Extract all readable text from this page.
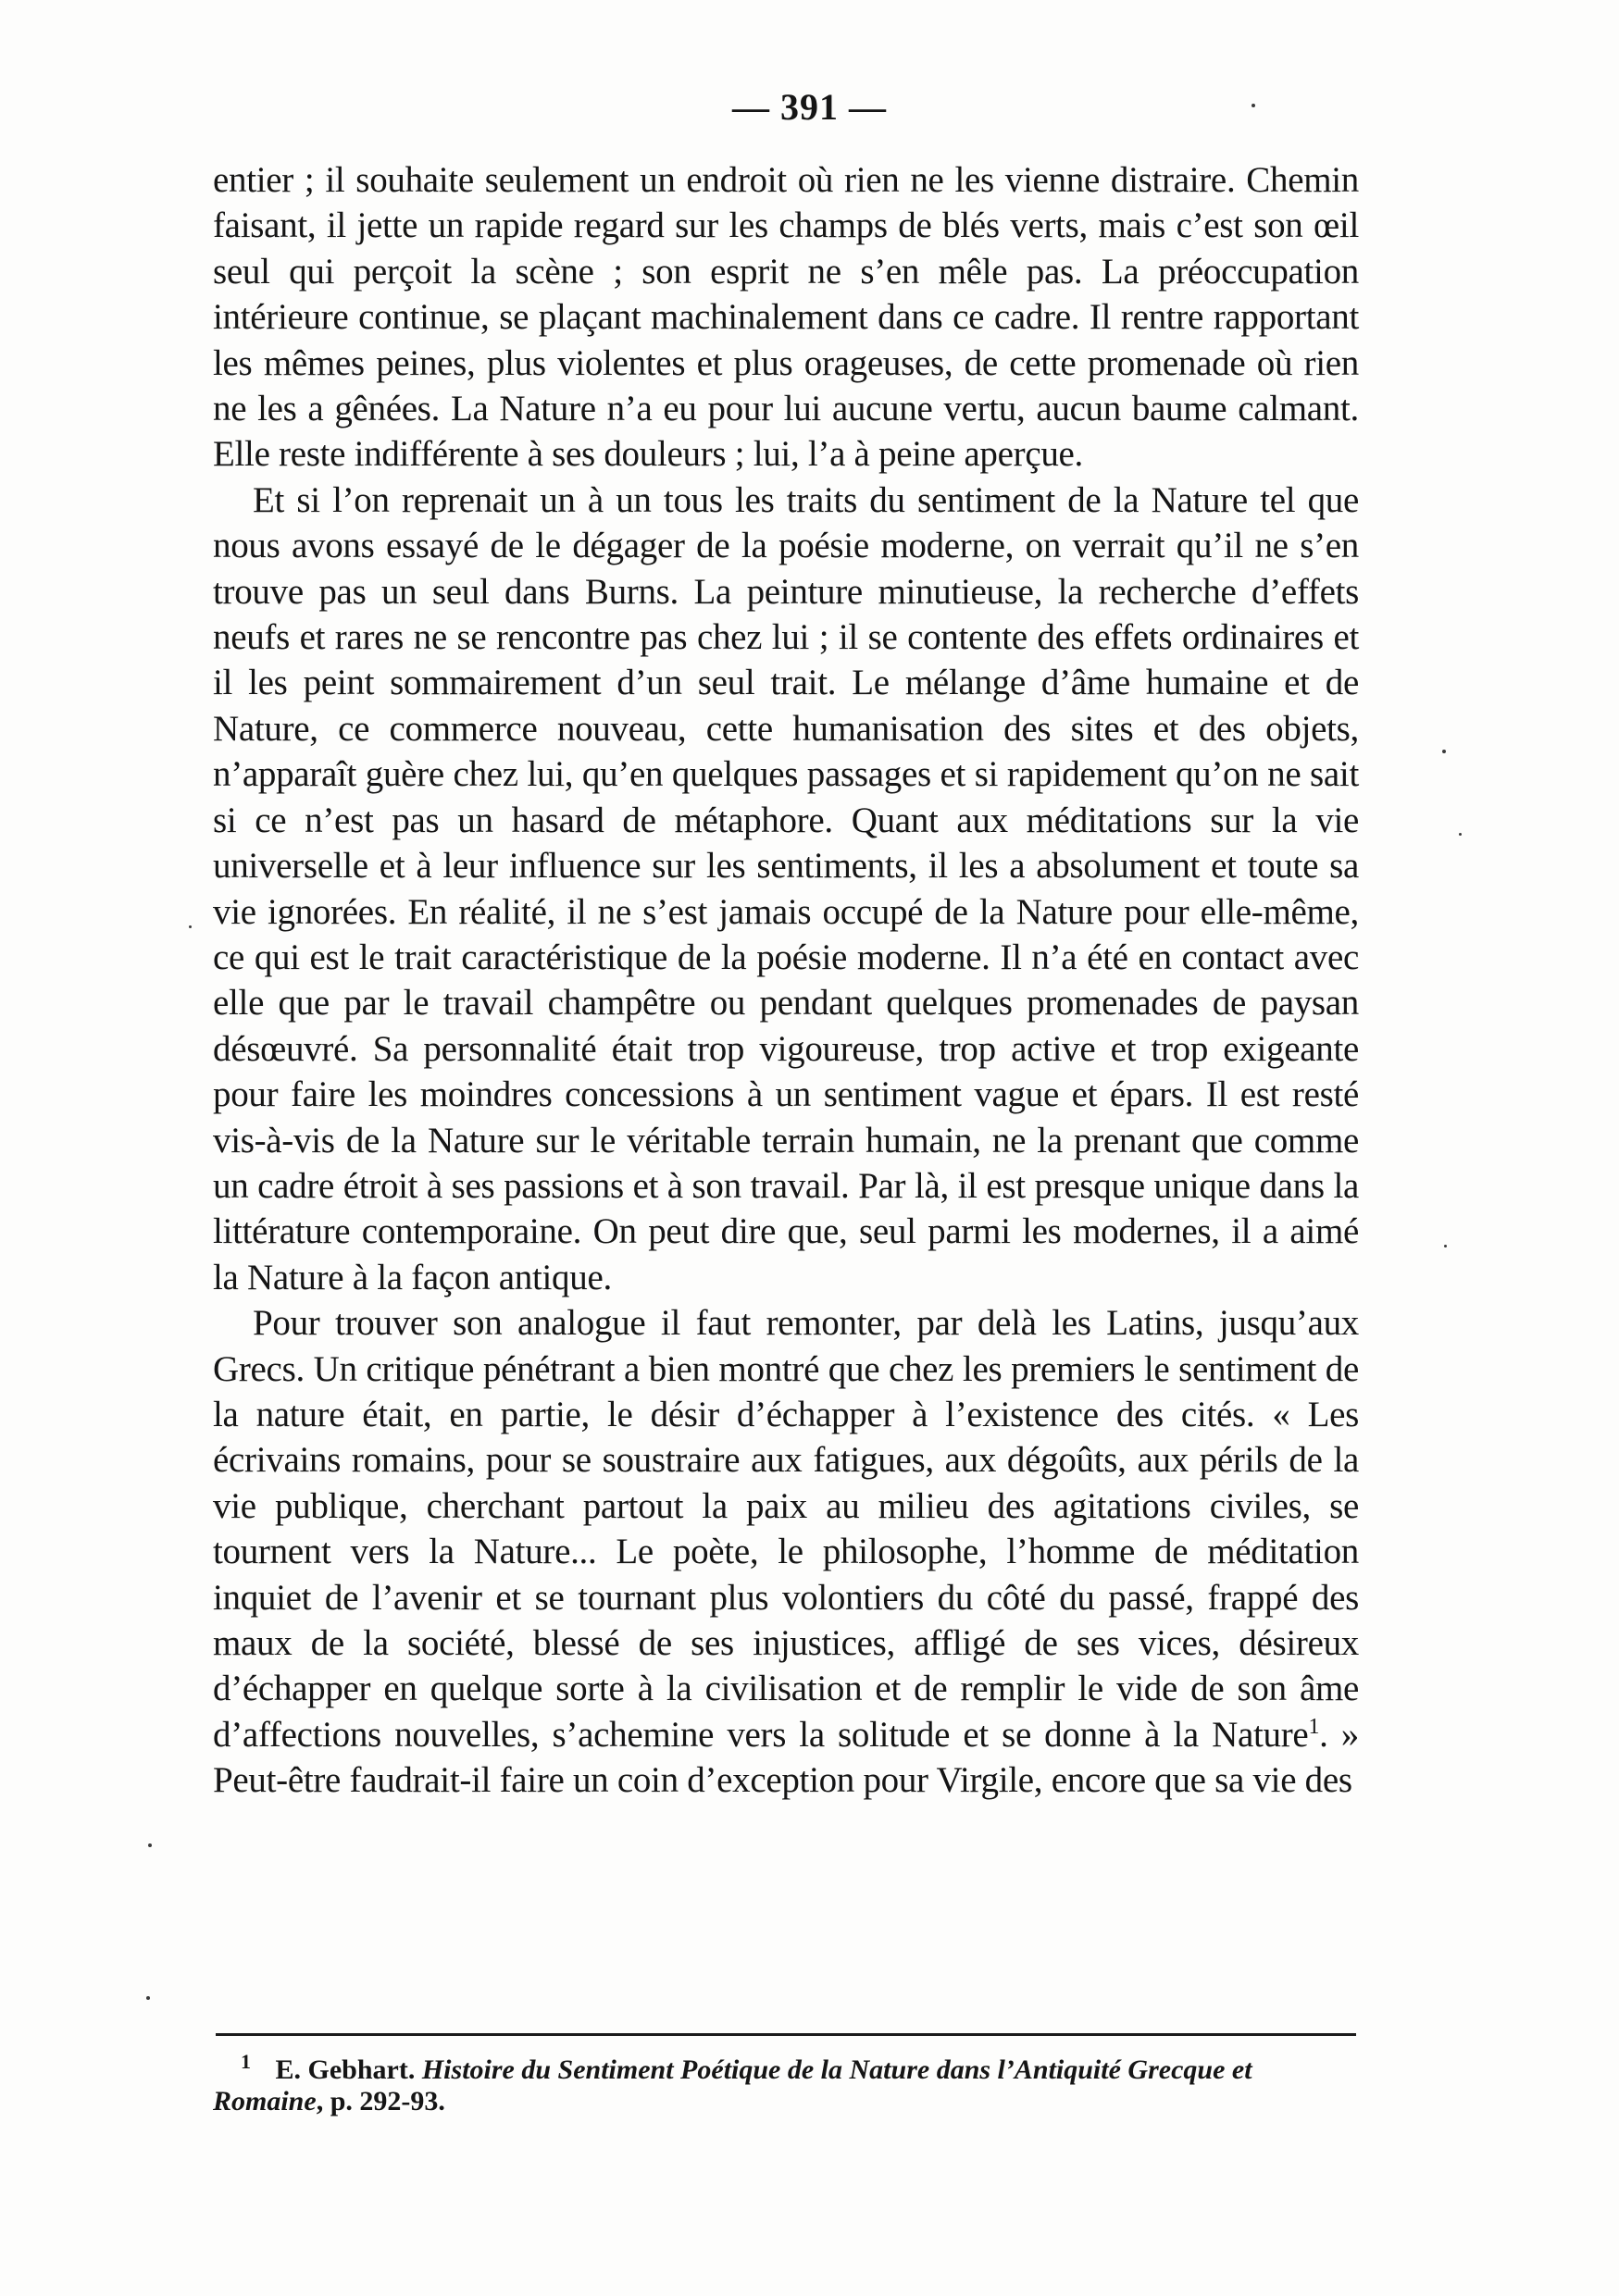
— 391 —

entier ; il souhaite seulement un endroit où rien ne les vienne distraire. Chemin faisant, il jette un rapide regard sur les champs de blés verts, mais c’est son œil seul qui perçoit la scène ; son esprit ne s’en mêle pas. La préoccupation intérieure continue, se plaçant machinalement dans ce cadre. Il rentre rapportant les mêmes peines, plus violentes et plus orageuses, de cette promenade où rien ne les a gênées. La Nature n’a eu pour lui aucune vertu, aucun baume calmant. Elle reste indifférente à ses douleurs ; lui, l’a à peine aperçue.

Et si l’on reprenait un à un tous les traits du sentiment de la Nature tel que nous avons essayé de le dégager de la poésie moderne, on verrait qu’il ne s’en trouve pas un seul dans Burns. La peinture minutieuse, la recherche d’effets neufs et rares ne se rencontre pas chez lui ; il se contente des effets ordinaires et il les peint sommairement d’un seul trait. Le mélange d’âme humaine et de Nature, ce commerce nouveau, cette humanisation des sites et des objets, n’apparaît guère chez lui, qu’en quelques passages et si rapidement qu’on ne sait si ce n’est pas un hasard de métaphore. Quant aux méditations sur la vie universelle et à leur influence sur les sentiments, il les a absolument et toute sa vie ignorées. En réalité, il ne s’est jamais occupé de la Nature pour elle-même, ce qui est le trait caractéristique de la poésie moderne. Il n’a été en contact avec elle que par le travail champêtre ou pendant quelques promenades de paysan désœuvré. Sa personnalité était trop vigoureuse, trop active et trop exigeante pour faire les moindres concessions à un sentiment vague et épars. Il est resté vis-à-vis de la Nature sur le véritable terrain humain, ne la prenant que comme un cadre étroit à ses passions et à son travail. Par là, il est presque unique dans la littérature contemporaine. On peut dire que, seul parmi les modernes, il a aimé la Nature à la façon antique.

Pour trouver son analogue il faut remonter, par delà les Latins, jusqu’aux Grecs. Un critique pénétrant a bien montré que chez les premiers le sentiment de la nature était, en partie, le désir d’échapper à l’existence des cités. « Les écrivains romains, pour se soustraire aux fatigues, aux dégoûts, aux périls de la vie publique, cherchant partout la paix au milieu des agitations civiles, se tournent vers la Nature... Le poète, le philosophe, l’homme de méditation inquiet de l’avenir et se tournant plus volontiers du côté du passé, frappé des maux de la société, blessé de ses injustices, affligé de ses vices, désireux d’échapper en quelque sorte à la civilisation et de remplir le vide de son âme d’affections nouvelles, s’achemine vers la solitude et se donne à la Nature$^1$. » Peut-être faudrait-il faire un coin d’exception pour Virgile, encore que sa vie des

1 E. Gebhart. Histoire du Sentiment Poétique de la Nature dans l’Antiquité Grecque et Romaine, p. 292-93.
